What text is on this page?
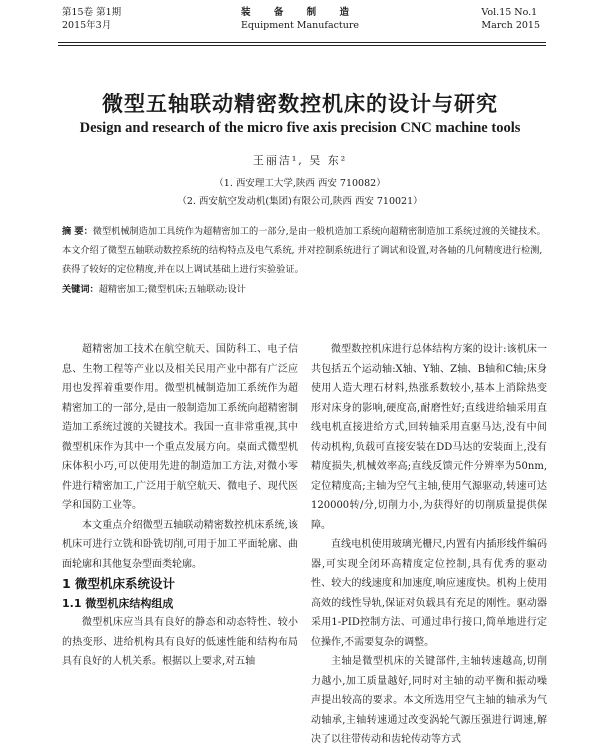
第15卷 第1期
2015年3月
装 备 制 造
Equipment Manufacture
Vol.15 No.1
March 2015
微型五轴联动精密数控机床的设计与研究
Design and research of the micro five axis precision CNC machine tools
王丽洁¹, 吴 东²
（1. 西安理工大学,陕西 西安 710082）
（2. 西安航空发动机(集团)有限公司,陕西 西安 710021）
摘 要：微型机械制造加工具统作为超精密加工的一部分,是由一般机造加工系统向超精密制造加工系统过渡的关键技术。本文介绍了微型五轴联动数控系统的结构特点及电气系统, 并对控制系统进行了调试和设置,对各轴的几何精度进行检测,获得了较好的定位精度,并在以上调试基础上进行实验验证。
关键词：超精密加工;微型机床;五轴联动;设计

超精密加工技术在航空航天、国防科工、电子信息、生物工程等产业以及相关民用产业中都有广泛应用也发挥着重要作用。微型机械制造加工系统作为超精密加工的一部分,是由一般制造加工系统向超精密制造加工系统过渡的关键技术。我国一直非常重视,其中微型机床作为其中一个重点发展方向。桌面式微型机床体积小巧,可以使用先进的制造加工方法,对微小零件进行精密加工,广泛用于航空航天、微电子、现代医学和国防工业等。

本文重点介绍微型五轴联动精密数控机床系统,该机床可进行立铣和卧铣切削,可用于加工平面轮廓、曲面轮廓和其他复杂型面类轮廓。

1 微型机床系统设计

1.1 微型机床结构组成

微型机床应当具有良好的静态和动态特性、较小的热变形、进给机构具有良好的低速性能和结构布局具有良好的人机关系。根据以上要求,对五轴

微型数控机床进行总体结构方案的设计:该机床一共包括五个运动轴:X轴、Y轴、Z轴、B轴和C轴;床身使用人造大理石材料,热涨系数较小,基本上消除热变形对床身的影响,硬度高,耐磨性好;直线进给轴采用直线电机直接进给方式,回转轴采用直驱马达,没有中间传动机构,负载可直接安装在DD马达的安装面上,没有精度损失,机械效率高;直线反馈元件分辨率为50nm,定位精度高;主轴为空气主轴,使用气源驱动,转速可达120000转/分,切削力小,为获得好的切削质量提供保障。

直线电机使用玻璃光栅尺,内置有内插形线件编码器,可实现全闭环高精度定位控制,具有优秀的驱动性、较大的线速度和加速度,响应速度快。机构上使用高效的线性导轨,保证对负载具有充足的刚性。驱动器采用1-PID控制方法、可通过串行接口,简单地进行定位操作,不需要复杂的调整。

主轴是微型机床的关键部件,主轴转速越高,切削力越小,加工质量越好,同时对主轴的动平衡和振动噪声提出较高的要求。本文所选用空气主轴的轴承为气动轴承,主轴转速通过改变涡轮气源压强进行调速,解决了以往带传动和齿轮传动等方式
